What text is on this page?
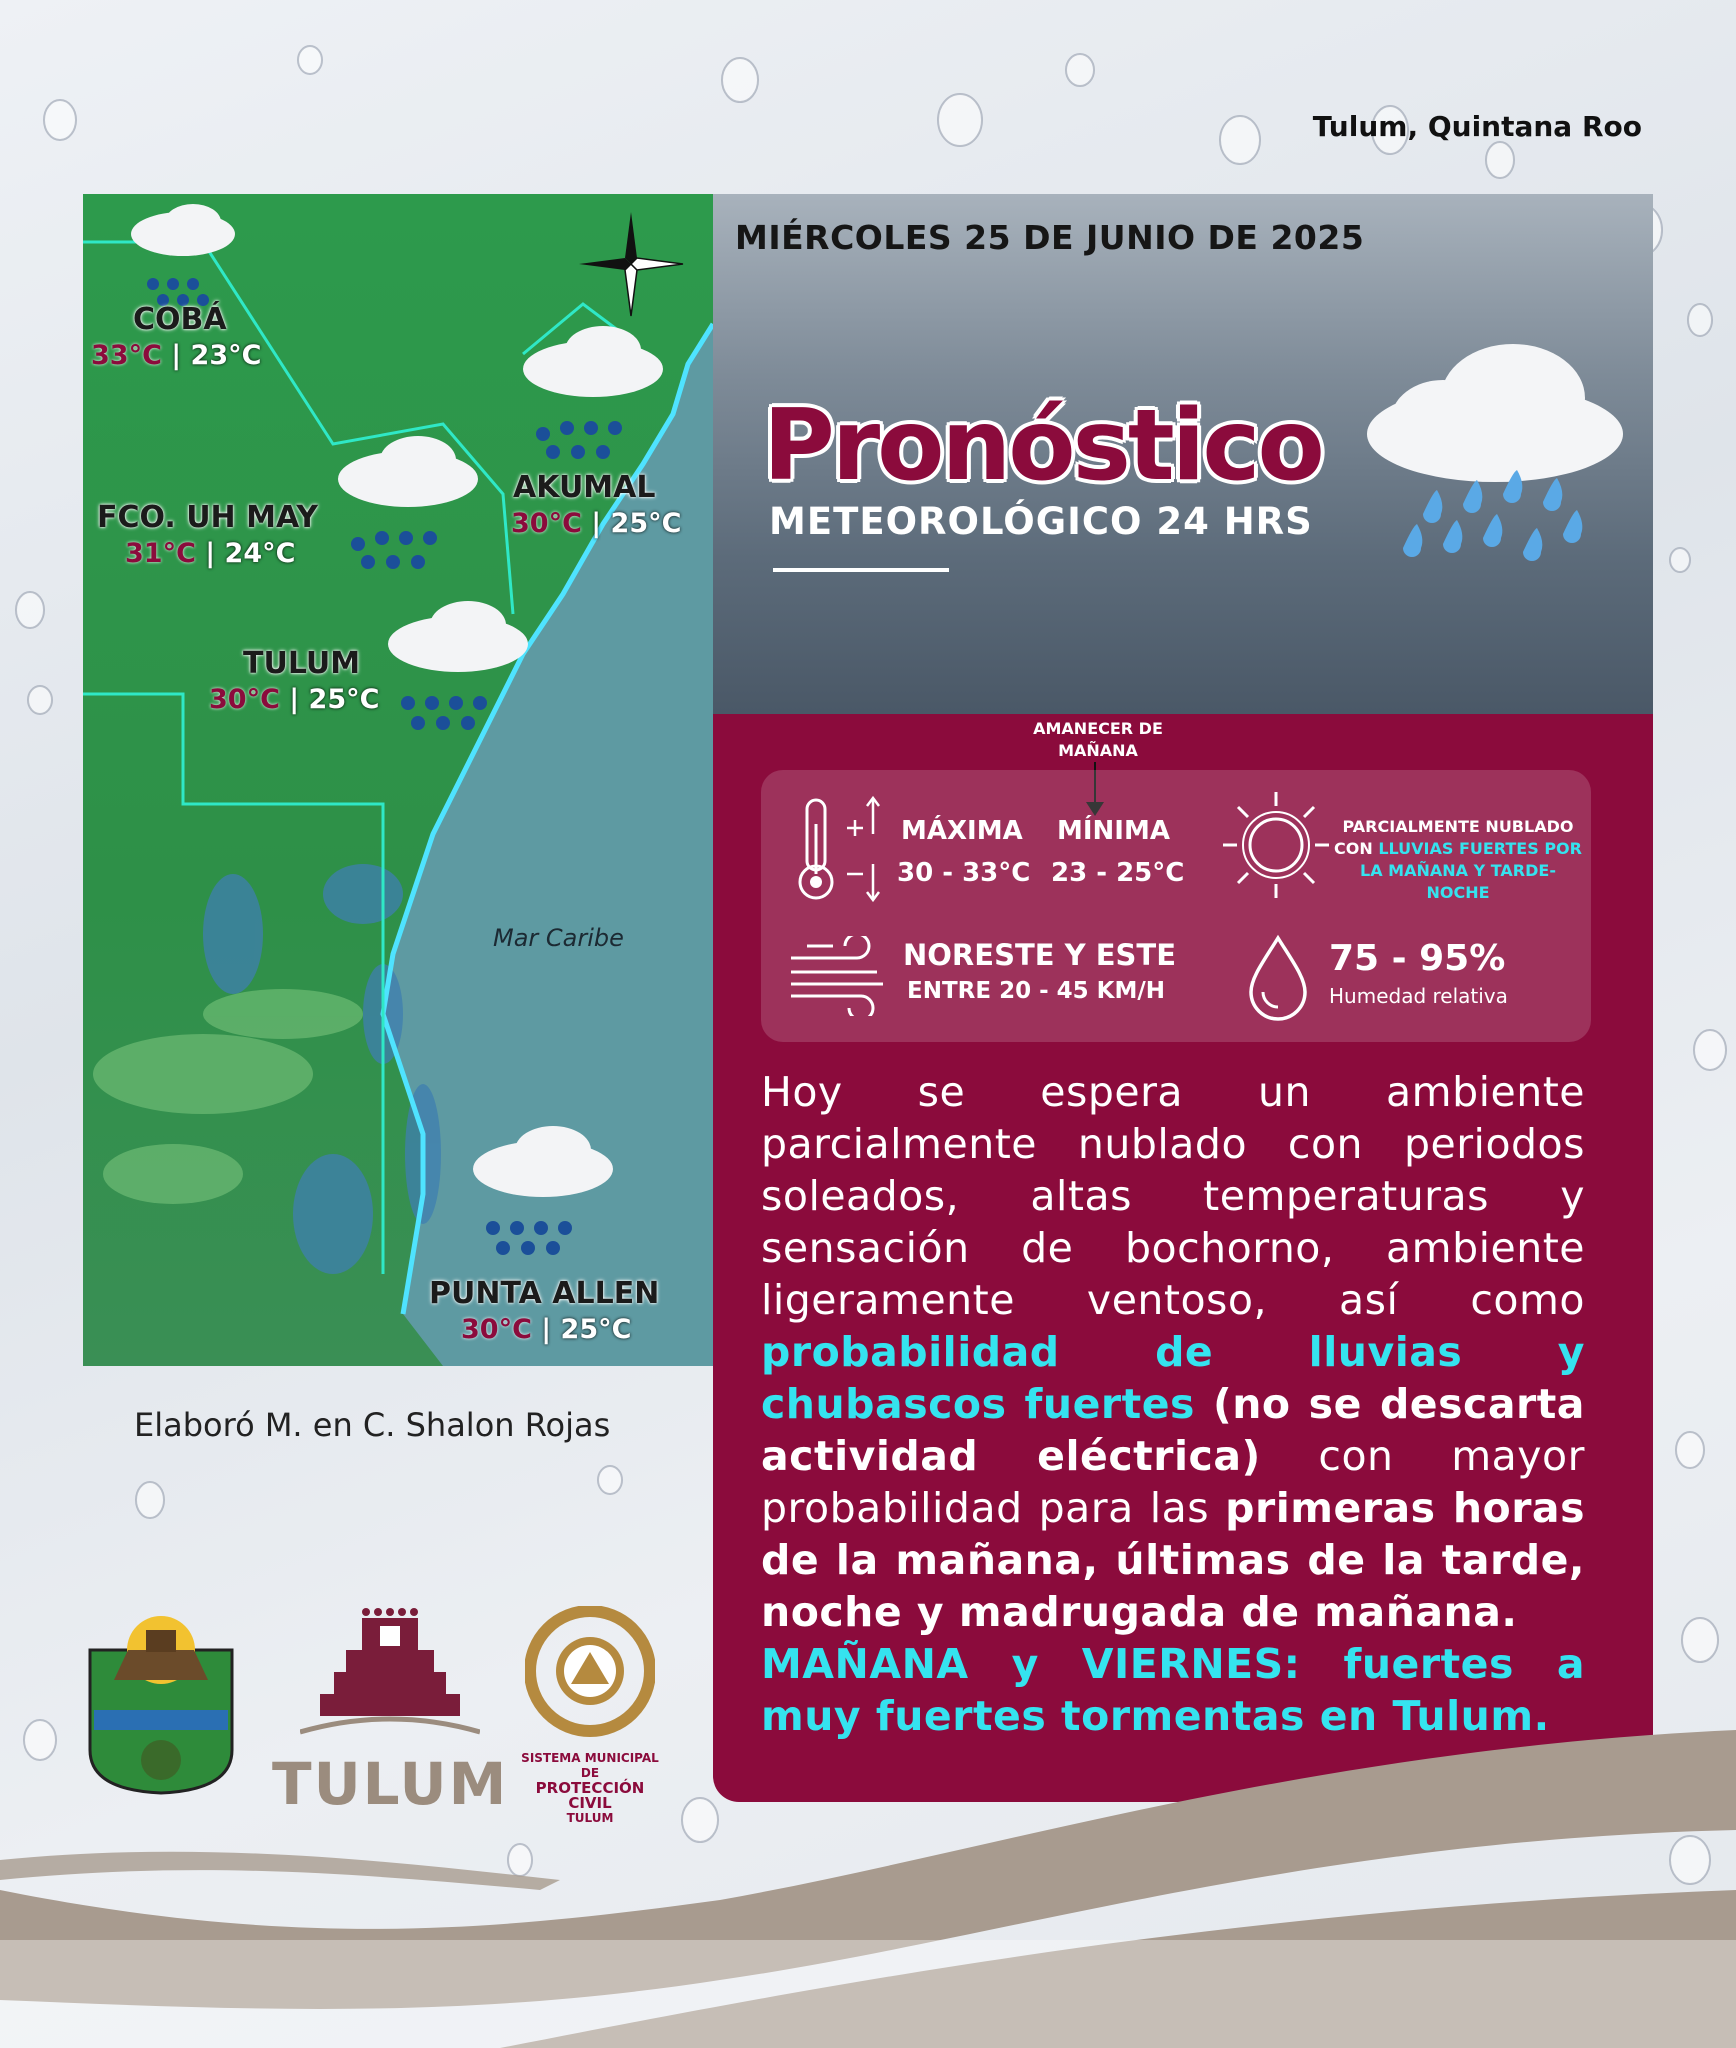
Tulum, Quintana Roo
COBÁ
33°C | 23°C
FCO. UH MAY
31°C | 24°C
AKUMAL
30°C | 25°C
TULUM
30°C | 25°C
Mar Caribe
PUNTA ALLEN
30°C | 25°C
Elaboró M. en C. Shalon Rojas
MIÉRCOLES 25 DE JUNIO DE 2025
Pronóstico
METEOROLÓGICO 24 HRS
AMANECER DE MAÑANA
MÁXIMA
30 - 33°C
MÍNIMA
23 - 25°C
PARCIALMENTE NUBLADO CON LLUVIAS FUERTES POR LA MAÑANA Y TARDE-NOCHE
NORESTE Y ESTE
ENTRE 20 - 45 KM/H
75 - 95%
Humedad relativa
Hoy se espera un ambiente parcialmente nublado con periodos soleados, altas temperaturas y sensación de bochorno, ambiente ligeramente ventoso, así como probabilidad de lluvias y chubascos fuertes (no se descarta actividad eléctrica) con mayor probabilidad para las primeras horas de la mañana, últimas de la tarde, noche y madrugada de mañana.
MAÑANA y VIERNES: fuertes a muy fuertes tormentas en Tulum.
TULUM	SISTEMA MUNICIPAL DE
PROTECCIÓN CIVIL
TULUM
